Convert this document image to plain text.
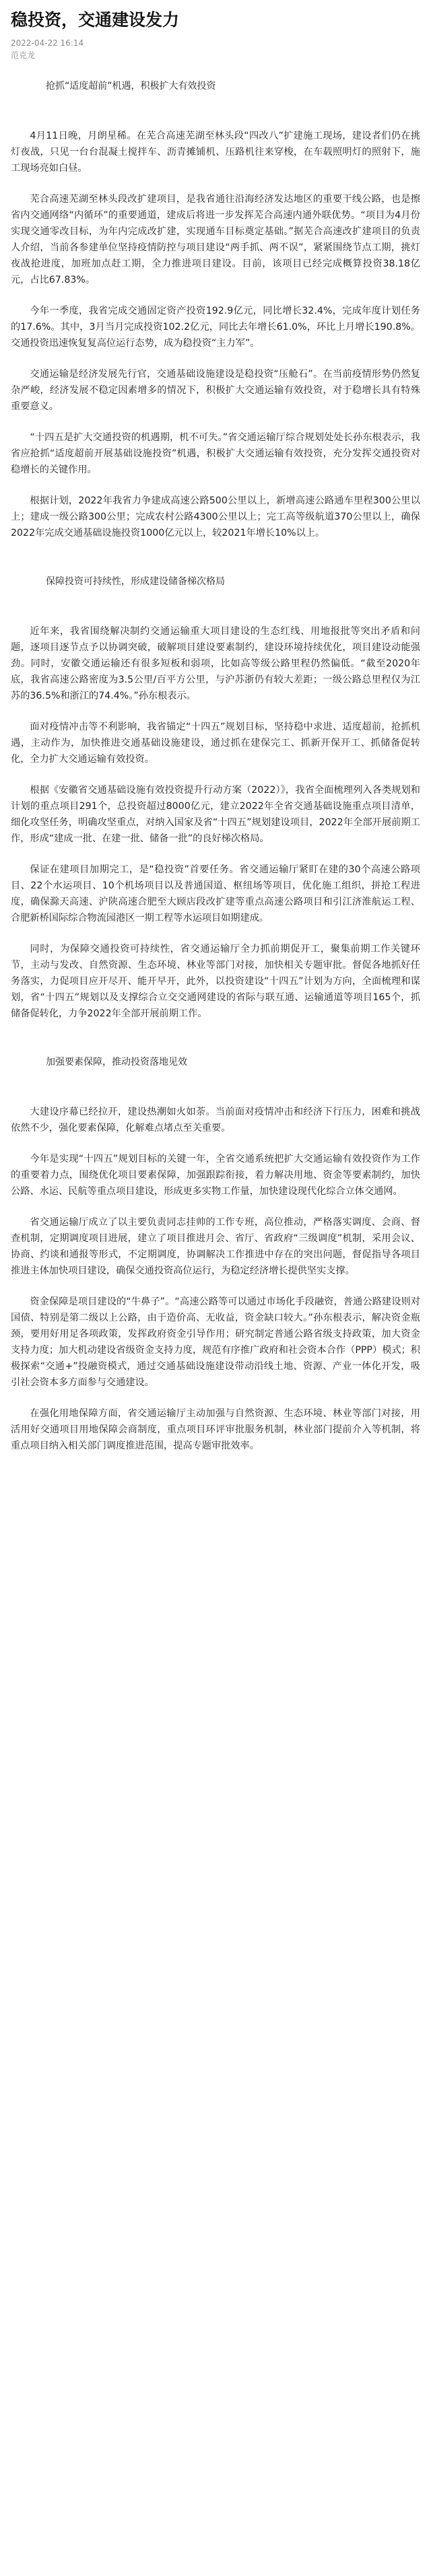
稳投资，交通建设发力
2022-04-22 16:14
范克龙
抢抓“适度超前”机遇，积极扩大有效投资

4月11日晚，月朗星稀。在芜合高速芜湖至林头段“四改八”扩建施工现场，建设者们仍在挑灯夜战，只见一台台混凝土搅拌车、沥青摊铺机、压路机往来穿梭，在车载照明灯的照射下，施工现场亮如白昼。

芜合高速芜湖至林头段改扩建项目，是我省通往沿海经济发达地区的重要干线公路，也是擦省内交通网络“内循环”的重要通道，建成后将进一步发挥芜合高速内通外联优势。“项目为4月份实现交通零改目标，为年内完成改扩建，实现通车目标奠定基础。”据芜合高速改扩建项目的负责人介绍，当前各参建单位坚持疫情防控与项目建设“两手抓、两不误”，紧紧围绕节点工期，挑灯夜战抢进度，加班加点赶工期，全力推进项目建设。目前，该项目已经完成概算投资38.18亿元，占比67.83%。

今年一季度，我省完成交通固定资产投资192.9亿元，同比增长32.4%，完成年度计划任务的17.6%。其中，3月当月完成投资102.2亿元，同比去年增长61.0%，环比上月增长190.8%。交通投资迅速恢复复高位运行态势，成为稳投资“主力军”。

交通运输是经济发展先行官，交通基础设施建设是稳投资“压舱石”。在当前疫情形势仍然复杂严峻，经济发展不稳定因素增多的情况下，积极扩大交通运输有效投资，对于稳增长具有特殊重要意义。

“十四五是扩大交通投资的机遇期，机不可失。”省交通运输厅综合规划处处长孙东根表示，我省应抢抓“适度超前开展基础设施投资”机遇，积极扩大交通运输有效投资，充分发挥交通投资对稳增长的关键作用。

根据计划，2022年我省力争建成高速公路500公里以上，新增高速公路通车里程300公里以上；建成一级公路300公里；完成农村公路4300公里以上；完工高等级航道370公里以上，确保2022年完成交通基础设施投资1000亿元以上，较2021年增长10%以上。

保障投资可持续性，形成建设储备梯次格局

近年来，我省围绕解决制约交通运输重大项目建设的生态红线、用地报批等突出矛盾和问题，逐项目逐节点予以协调突破，破解项目建设要素制约，建设环境持续优化，项目建设动能强劲。同时，安徽交通运输还有很多短板和弱项，比如高等级公路里程仍然偏低。“截至2020年底，我省高速公路密度为3.5公里/百平方公里，与沪苏浙仍有较大差距；一级公路总里程仅为江苏的36.5%和浙江的74.4%。”孙东根表示。

面对疫情冲击等不利影响，我省锚定“十四五”规划目标，坚持稳中求进、适度超前，抢抓机遇，主动作为，加快推进交通基础设施建设，通过抓在建保完工、抓新开保开工、抓储备促转化，全力扩大交通运输有效投资。

根据《安徽省交通基础设施有效投资提升行动方案（2022）》，我省全面梳理列入各类规划和计划的重点项目291个，总投资超过8000亿元，建立2022年全省交通基础设施重点项目清单，细化攻坚任务，明确攻坚重点，对纳入国家及省“十四五”规划建设项目，2022年全部开展前期工作，形成“建成一批、在建一批、储备一批”的良好梯次格局。

保证在建项目加期完工，是“稳投资”首要任务。省交通运输厅紧盯在建的30个高速公路项目、22个水运项目、10个机场项目以及普通国道、枢纽场等项目，优化施工组织，拼抢工程进度，确保滁天高速、沪陕高速合肥至大顾店段改扩建等重点高速公路项目和引江济淮航运工程、合肥新桥国际综合物流园港区一期工程等水运项目如期建成。

同时，为保障交通投资可持续性，省交通运输厅全力抓前期促开工，聚集前期工作关键环节，主动与发改、自然资源、生态环境、林业等部门对接，加快相关专题审批。督促各地抓好任务落实，力促项目应开尽开、能开早开，此外，以投资建设“十四五”计划为方向，全面梳理和谋划，省“十四五”规划以及支撑综合立交交通网建设的省际与联互通、运输通道等项目165个，抓储备促转化，力争2022年全部开展前期工作。

加强要素保障，推动投资落地见效

大建设序幕已经拉开，建设热潮如火如荼。当前面对疫情冲击和经济下行压力，困难和挑战依然不少，强化要素保障，化解难点堵点至关重要。

今年是实现“十四五”规划目标的关键一年，全省交通系统把扩大交通运输有效投资作为工作的重要着力点，围绕优化项目要素保障，加强跟踪衔接，着力解决用地、资金等要素制约，加快公路、水运、民航等重点项目建设，形成更多实物工作量，加快建设现代化综合立体交通网。

省交通运输厅成立了以主要负责同志挂帅的工作专班，高位推动，严格落实调度、会商、督查机制，定期调度项目进展，建立了项目推进月会、省厅、省政府“三级调度”机制，采用会议、协商、约谈和通报等形式，不定期调度，协调解决工作推进中存在的突出问题，督促指导各项目推进主体加快项目建设，确保交通投资高位运行，为稳定经济增长提供坚实支撑。

资金保障是项目建设的“牛鼻子”。“高速公路等可以通过市场化手段融资，普通公路建设则对国债、特别是第二级以上公路，由于造价高、无收益，资金缺口较大。”孙东根表示，解决资金瓶颈，要用好用足各项政策，发挥政府资金引导作用；研究制定普通公路省级支持政策，加大资金支持力度；加大机动建设省级资金支持力度，规范有序推广政府和社会资本合作（PPP）模式；积极探索“交通+”投融资模式，通过交通基础设施建设带动沿线土地、资源、产业一体化开发，吸引社会资本多方面参与交通建设。

在强化用地保障方面，省交通运输厅主动加强与自然资源、生态环境、林业等部门对接，用活用好交通项目用地保障会商制度，重点项目环评审批服务机制，林业部门提前介入等机制，将重点项目纳入相关部门调度推进范围，提高专题审批效率。
